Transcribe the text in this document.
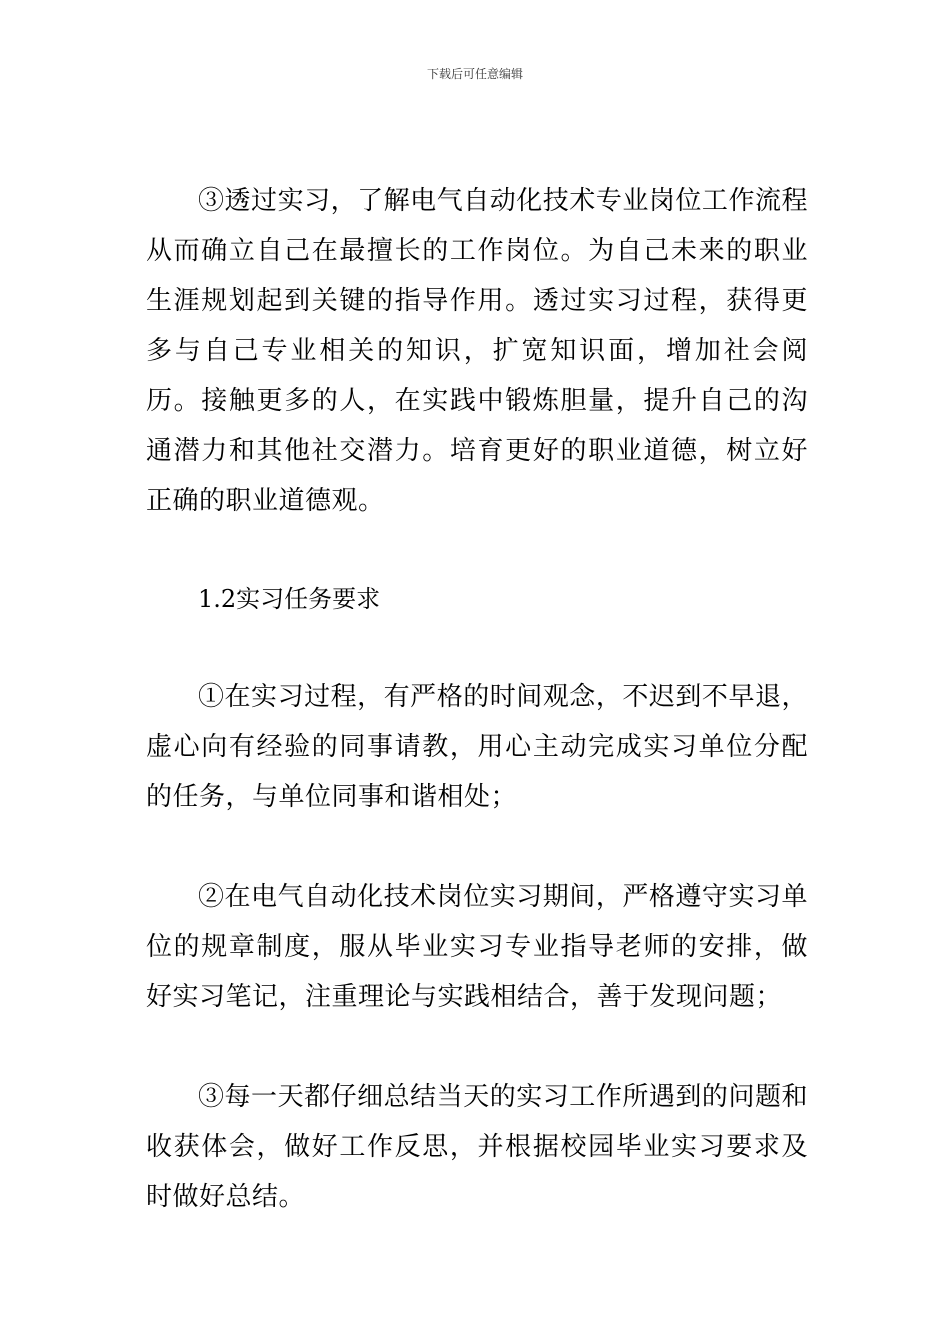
下载后可任意编辑

③透过实习，了解电气自动化技术专业岗位工作流程从而确立自己在最擅长的工作岗位。为自己未来的职业生涯规划起到关键的指导作用。透过实习过程，获得更多与自己专业相关的知识，扩宽知识面，增加社会阅历。接触更多的人，在实践中锻炼胆量，提升自己的沟通潜力和其他社交潜力。培育更好的职业道德，树立好正确的职业道德观。

1.2实习任务要求

①在实习过程，有严格的时间观念，不迟到不早退，虚心向有经验的同事请教，用心主动完成实习单位分配的任务，与单位同事和谐相处；

②在电气自动化技术岗位实习期间，严格遵守实习单位的规章制度，服从毕业实习专业指导老师的安排，做好实习笔记，注重理论与实践相结合，善于发现问题；

③每一天都仔细总结当天的实习工作所遇到的问题和收获体会，做好工作反思，并根据校园毕业实习要求及时做好总结。
